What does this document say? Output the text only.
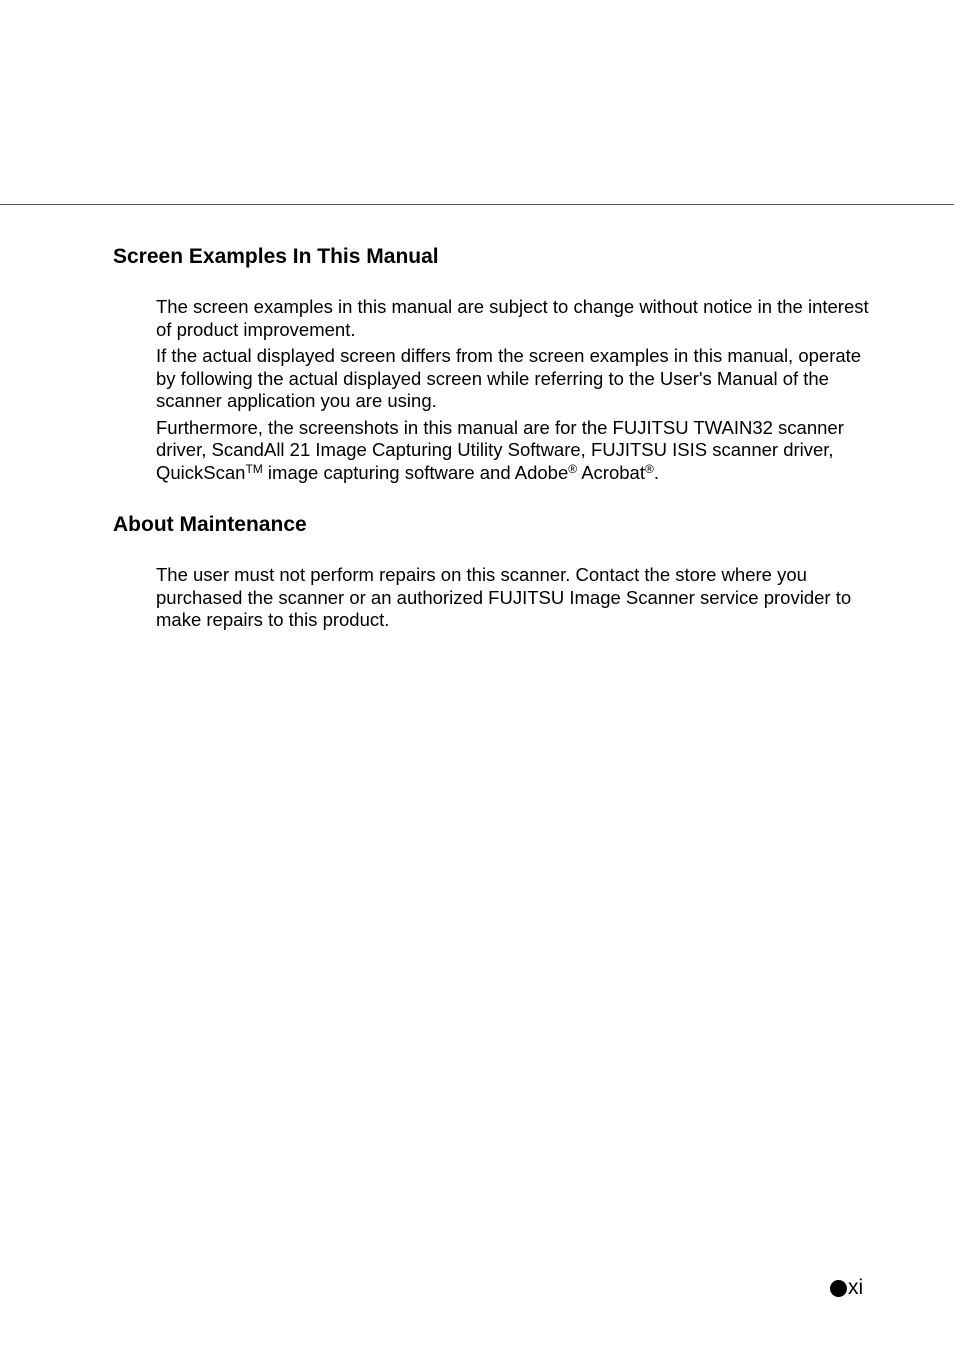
Screen Examples In This Manual

The screen examples in this manual are subject to change without notice in the interest of product improvement.

If the actual displayed screen differs from the screen examples in this manual, operate by following the actual displayed screen while referring to the User's Manual of the scanner application you are using.

Furthermore, the screenshots in this manual are for the FUJITSU TWAIN32 scanner driver, ScandAll 21 Image Capturing Utility Software, FUJITSU ISIS scanner driver, QuickScan™ image capturing software and Adobe® Acrobat®.

About Maintenance

The user must not perform repairs on this scanner. Contact the store where you purchased the scanner or an authorized FUJITSU Image Scanner service provider to make repairs to this product.

xi
